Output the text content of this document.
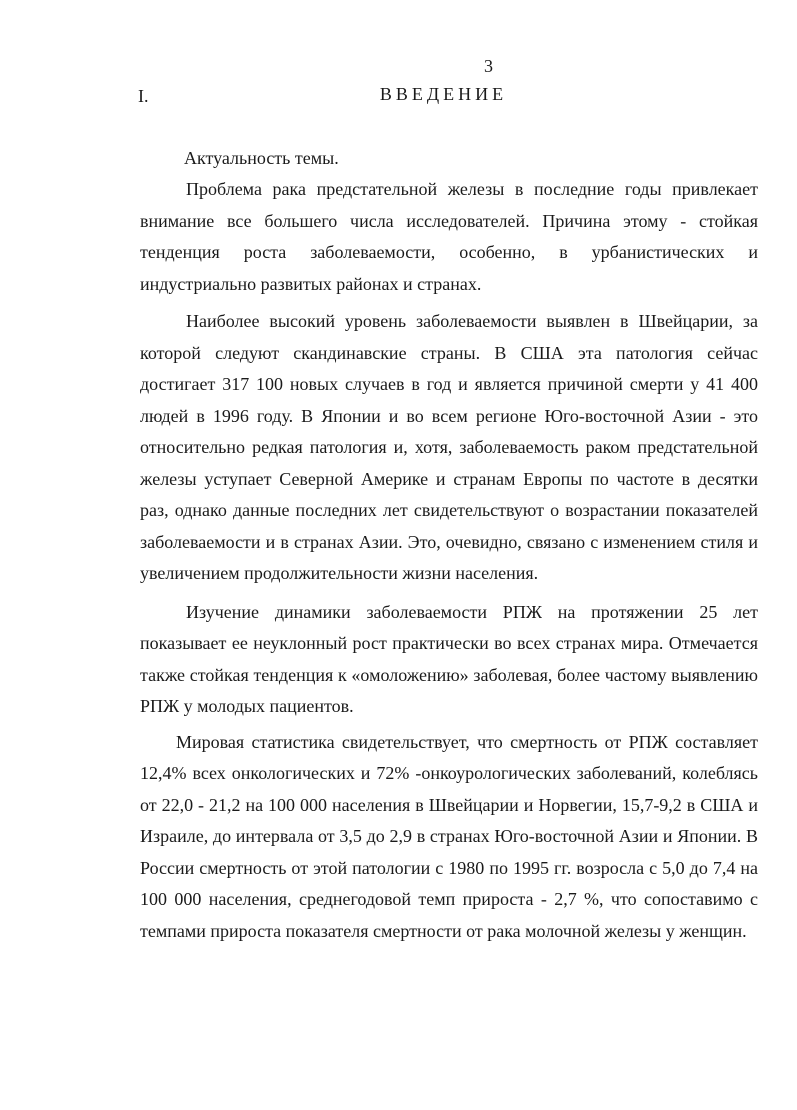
3
I.	ВВЕДЕНИЕ
Актуальность темы.

Проблема рака предстательной железы в последние годы привлекает внимание все большего числа исследователей. Причина этому - стойкая тенденция роста заболеваемости, особенно, в урбанистических и индустриально развитых районах и странах.

Наиболее высокий уровень заболеваемости выявлен в Швейцарии, за которой следуют скандинавские страны. В США эта патология сейчас достигает 317 100 новых случаев в год и является причиной смерти у 41 400 людей в 1996 году. В Японии и во всем регионе Юго-восточной Азии - это относительно редкая патология и, хотя, заболеваемость раком предстательной железы уступает Северной Америке и странам Европы по частоте в десятки раз, однако данные последних лет свидетельствуют о возрастании показателей заболеваемости и в странах Азии. Это, очевидно, связано с изменением стиля и увеличением продолжительности жизни населения.

Изучение динамики заболеваемости РПЖ на протяжении 25 лет показывает ее неуклонный рост практически во всех странах мира. Отмечается также стойкая тенденция к «омоложению» заболевая, более частому выявлению РПЖ у молодых пациентов.

Мировая статистика свидетельствует, что смертность от РПЖ составляет 12,4% всех онкологических и 72% -онкоурологических заболеваний, колеблясь от 22,0 - 21,2 на 100 000 населения в Швейцарии и Норвегии, 15,7-9,2 в США и Израиле, до интервала от 3,5 до 2,9 в странах Юго-восточной Азии и Японии. В России смертность от этой патологии с 1980 по 1995 гг. возросла с 5,0 до 7,4 на 100 000 населения, среднегодовой темп прироста - 2,7 %, что сопоставимо с темпами прироста показателя смертности от рака молочной железы у женщин.
